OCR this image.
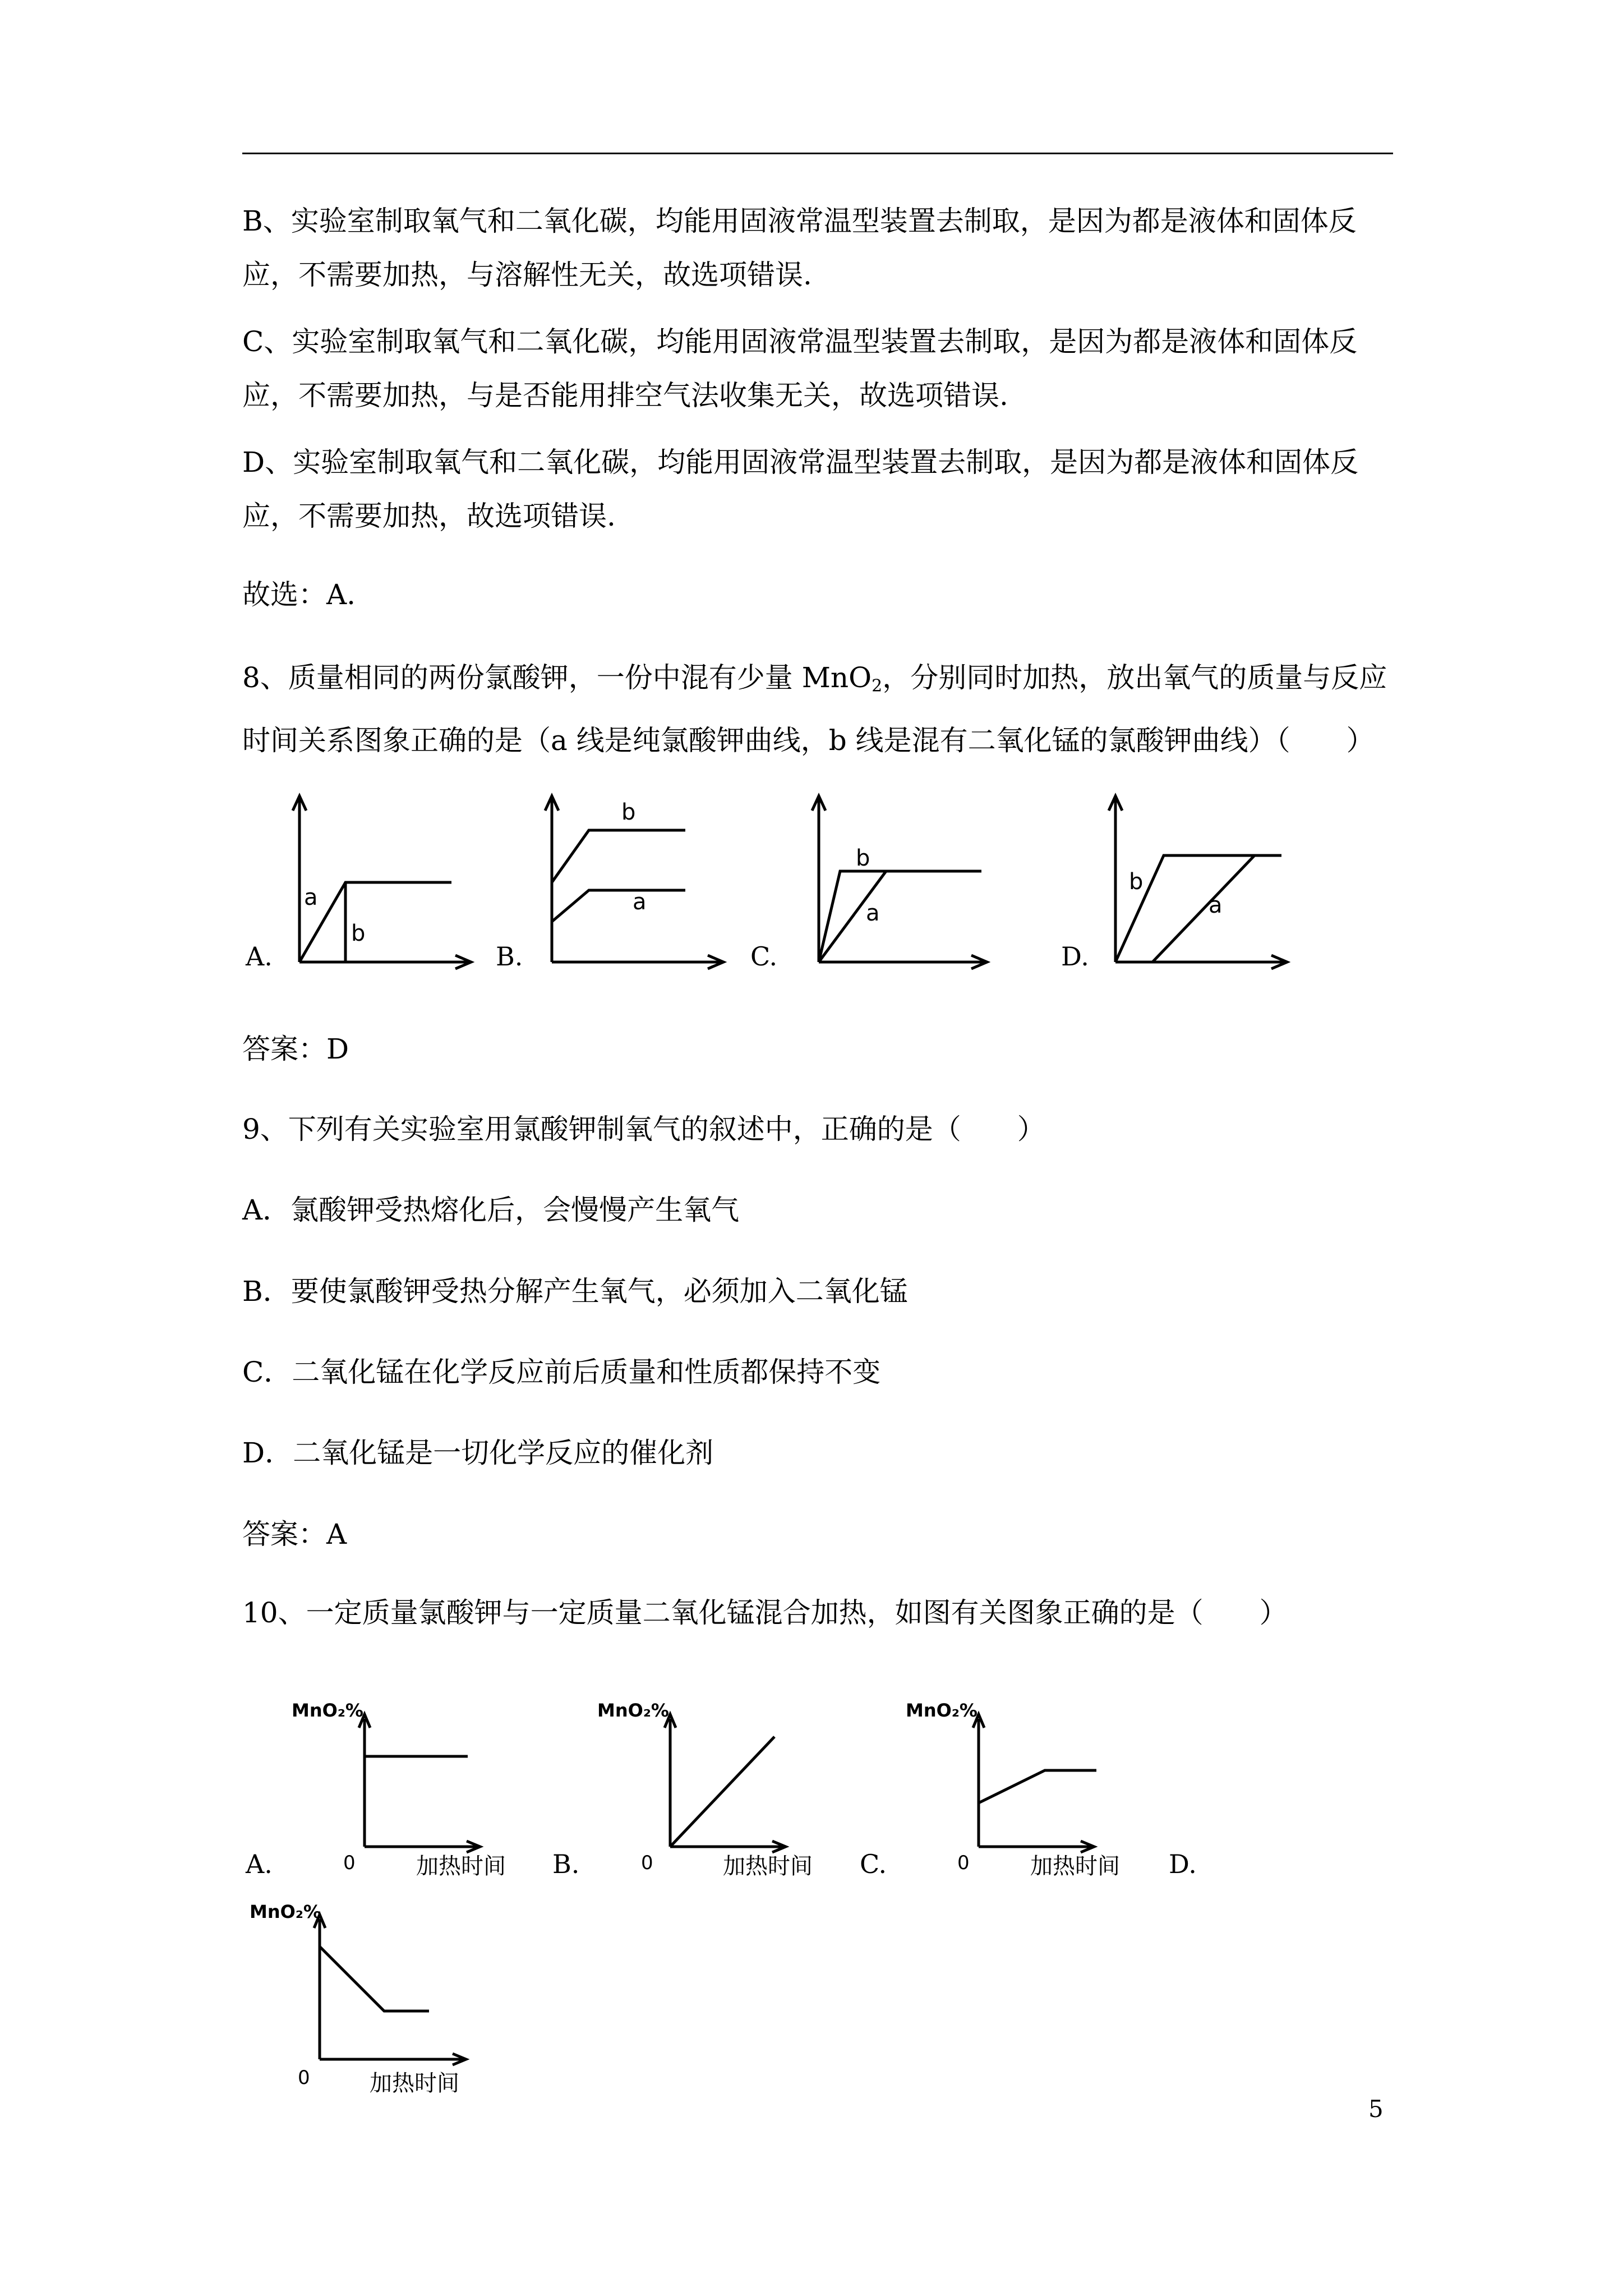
B、实验室制取氧气和二氧化碳，均能用固液常温型装置去制取，是因为都是液体和固体反
应，不需要加热，与溶解性无关，故选项错误.

C、实验室制取氧气和二氧化碳，均能用固液常温型装置去制取，是因为都是液体和固体反
应，不需要加热，与是否能用排空气法收集无关，故选项错误.

D、实验室制取氧气和二氧化碳，均能用固液常温型装置去制取，是因为都是液体和固体反
应，不需要加热，故选项错误.

故选：A.

8、质量相同的两份氯酸钾，一份中混有少量 MnO$_2$，分别同时加热，放出氧气的质量与反应
时间关系图象正确的是（a 线是纯氯酸钾曲线，b 线是混有二氧化锰的氯酸钾曲线）（　　）

A.	B.	C.	D.
a
b
b
a
b
a
b
a

答案：D

9、下列有关实验室用氯酸钾制氧气的叙述中，正确的是（　　）

A．氯酸钾受热熔化后，会慢慢产生氧气

B．要使氯酸钾受热分解产生氧气，必须加入二氧化锰

C．二氧化锰在化学反应前后质量和性质都保持不变

D．二氧化锰是一切化学反应的催化剂

答案：A

10、一定质量氯酸钾与一定质量二氧化锰混合加热，如图有关图象正确的是（　　）

A.	B.	C.	D.
MnO₂%
0	加热时间
MnO₂%
0	加热时间
MnO₂%
0	加热时间
MnO₂%
0	加热时间
5
